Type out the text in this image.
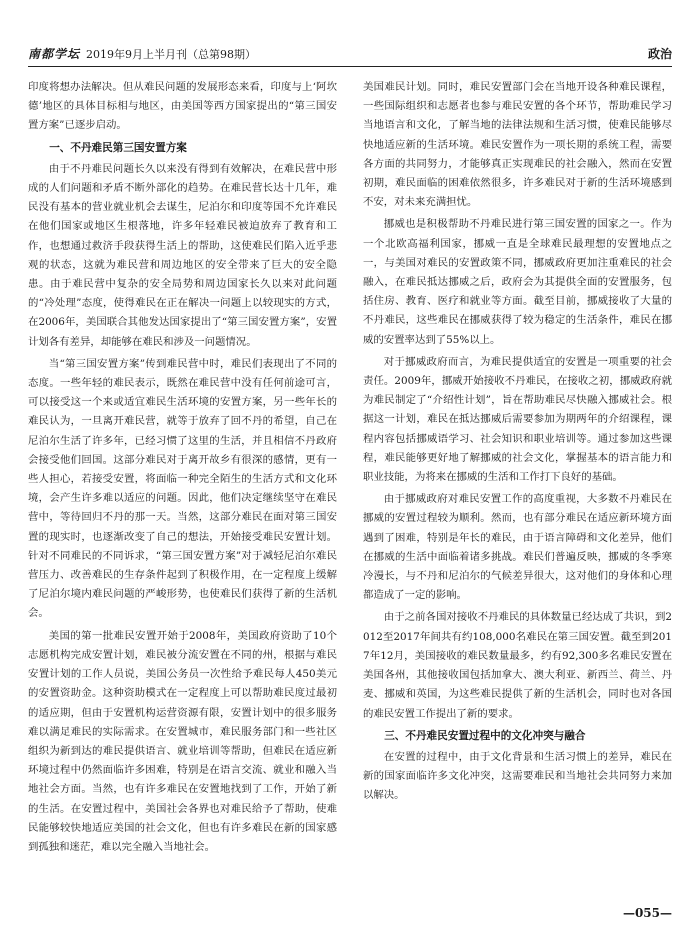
南都学坛 2019年9月上半月刊（总第98期）	政治

印度将想办法解决。但从难民问题的发展形态来看，印度与上‘阿坎德’地区的具体目标相与地区，由美国等西方国家提出的“第三国安置方案”已逐步启动。

一、不丹难民第三国安置方案

由于不丹难民问题长久以来没有得到有效解决，在难民营中形成的人们问题和矛盾不断外部化的趋势。在难民营长达十几年，难民没有基本的营业就业机会去谋生，尼泊尔和印度等国不允许难民在他们国家或地区生根落地，许多年轻难民被迫放弃了教育和工作，也想通过救济手段获得生活上的帮助，这使难民们陷入近乎悲观的状态，这就为难民营和周边地区的安全带来了巨大的安全隐患。由于难民营中复杂的安全局势和周边国家长久以来对此问题的“冷处理”态度，使得难民在正在解决一问题上以较现实的方式，在2006年，美国联合其他发达国家提出了“第三国安置方案”，安置计划各有差异，却能够在难民和涉及一问题情况。

当“第三国安置方案”传到难民营中时，难民们表现出了不同的态度。一些年轻的难民表示，既然在难民营中没有任何前途可言，可以接受这一个来或适宜难民生活环境的安置方案，另一些年长的难民认为，一旦离开难民营，就等于放弃了回不丹的希望，自己在尼泊尔生活了许多年，已经习惯了这里的生活，并且相信不丹政府会接受他们回国。这部分难民对于离开故乡有很深的感情，更有一些人担心，若接受安置，将面临一种完全陌生的生活方式和文化环境，会产生许多难以适应的问题。因此，他们决定继续坚守在难民营中，等待回归不丹的那一天。当然，这部分难民在面对第三国安置的现实时，也逐渐改变了自己的想法，开始接受难民安置计划。针对不同难民的不同诉求，“第三国安置方案”对于减轻尼泊尔难民营压力、改善难民的生存条件起到了积极作用，在一定程度上缓解了尼泊尔境内难民问题的严峻形势，也使难民们获得了新的生活机会。

美国的第一批难民安置开始于2008年，美国政府资助了10个志愿机构完成安置计划，难民被分流安置在不同的州，根据与难民安置计划的工作人员说，美国公务员一次性给予难民每人450美元的安置资助金。这种资助模式在一定程度上可以帮助难民度过最初的适应期，但由于安置机构运营资源有限，安置计划中的很多服务难以满足难民的实际需求。在安置城市，难民服务部门和一些社区组织为新到达的难民提供语言、就业培训等帮助，但难民在适应新环境过程中仍然面临许多困难，特别是在语言交流、就业和融入当地社会方面。当然，也有许多难民在安置地找到了工作，开始了新的生活。在安置过程中，美国社会各界也对难民给予了帮助，使难民能够较快地适应美国的社会文化，但也有许多难民在新的国家感到孤独和迷茫，难以完全融入当地社会。

美国难民计划。同时，难民安置部门会在当地开设各种难民课程，一些国际组织和志愿者也参与难民安置的各个环节，帮助难民学习当地语言和文化，了解当地的法律法规和生活习惯，使难民能够尽快地适应新的生活环境。难民安置作为一项长期的系统工程，需要各方面的共同努力，才能够真正实现难民的社会融入，然而在安置初期，难民面临的困难依然很多，许多难民对于新的生活环境感到不安，对未来充满担忧。

挪威也是积极帮助不丹难民进行第三国安置的国家之一。作为一个北欧高福利国家，挪威一直是全球难民最理想的安置地点之一，与美国对难民的安置政策不同，挪威政府更加注重难民的社会融入，在难民抵达挪威之后，政府会为其提供全面的安置服务，包括住房、教育、医疗和就业等方面。截至目前，挪威接收了大量的不丹难民，这些难民在挪威获得了较为稳定的生活条件，难民在挪威的安置率达到了55%以上。

对于挪威政府而言，为难民提供适宜的安置是一项重要的社会责任。2009年，挪威开始接收不丹难民，在接收之初，挪威政府就为难民制定了“介绍性计划”，旨在帮助难民尽快融入挪威社会。根据这一计划，难民在抵达挪威后需要参加为期两年的介绍课程，课程内容包括挪威语学习、社会知识和职业培训等。通过参加这些课程，难民能够更好地了解挪威的社会文化，掌握基本的语言能力和职业技能，为将来在挪威的生活和工作打下良好的基础。

由于挪威政府对难民安置工作的高度重视，大多数不丹难民在挪威的安置过程较为顺利。然而，也有部分难民在适应新环境方面遇到了困难，特别是年长的难民，由于语言障碍和文化差异，他们在挪威的生活中面临着诸多挑战。难民们普遍反映，挪威的冬季寒冷漫长，与不丹和尼泊尔的气候差异很大，这对他们的身体和心理都造成了一定的影响。

由于之前各国对接收不丹难民的具体数量已经达成了共识，到2012至2017年间共有约108,000名难民在第三国安置。截至到2017年12月，美国接收的难民数量最多，约有92,300多名难民安置在美国各州，其他接收国包括加拿大、澳大利亚、新西兰、荷兰、丹麦、挪威和英国，为这些难民提供了新的生活机会，同时也对各国的难民安置工作提出了新的要求。

三、不丹难民安置过程中的文化冲突与融合

在安置的过程中，由于文化背景和生活习惯上的差异，难民在新的国家面临许多文化冲突，这需要难民和当地社会共同努力来加以解决。

—055—
